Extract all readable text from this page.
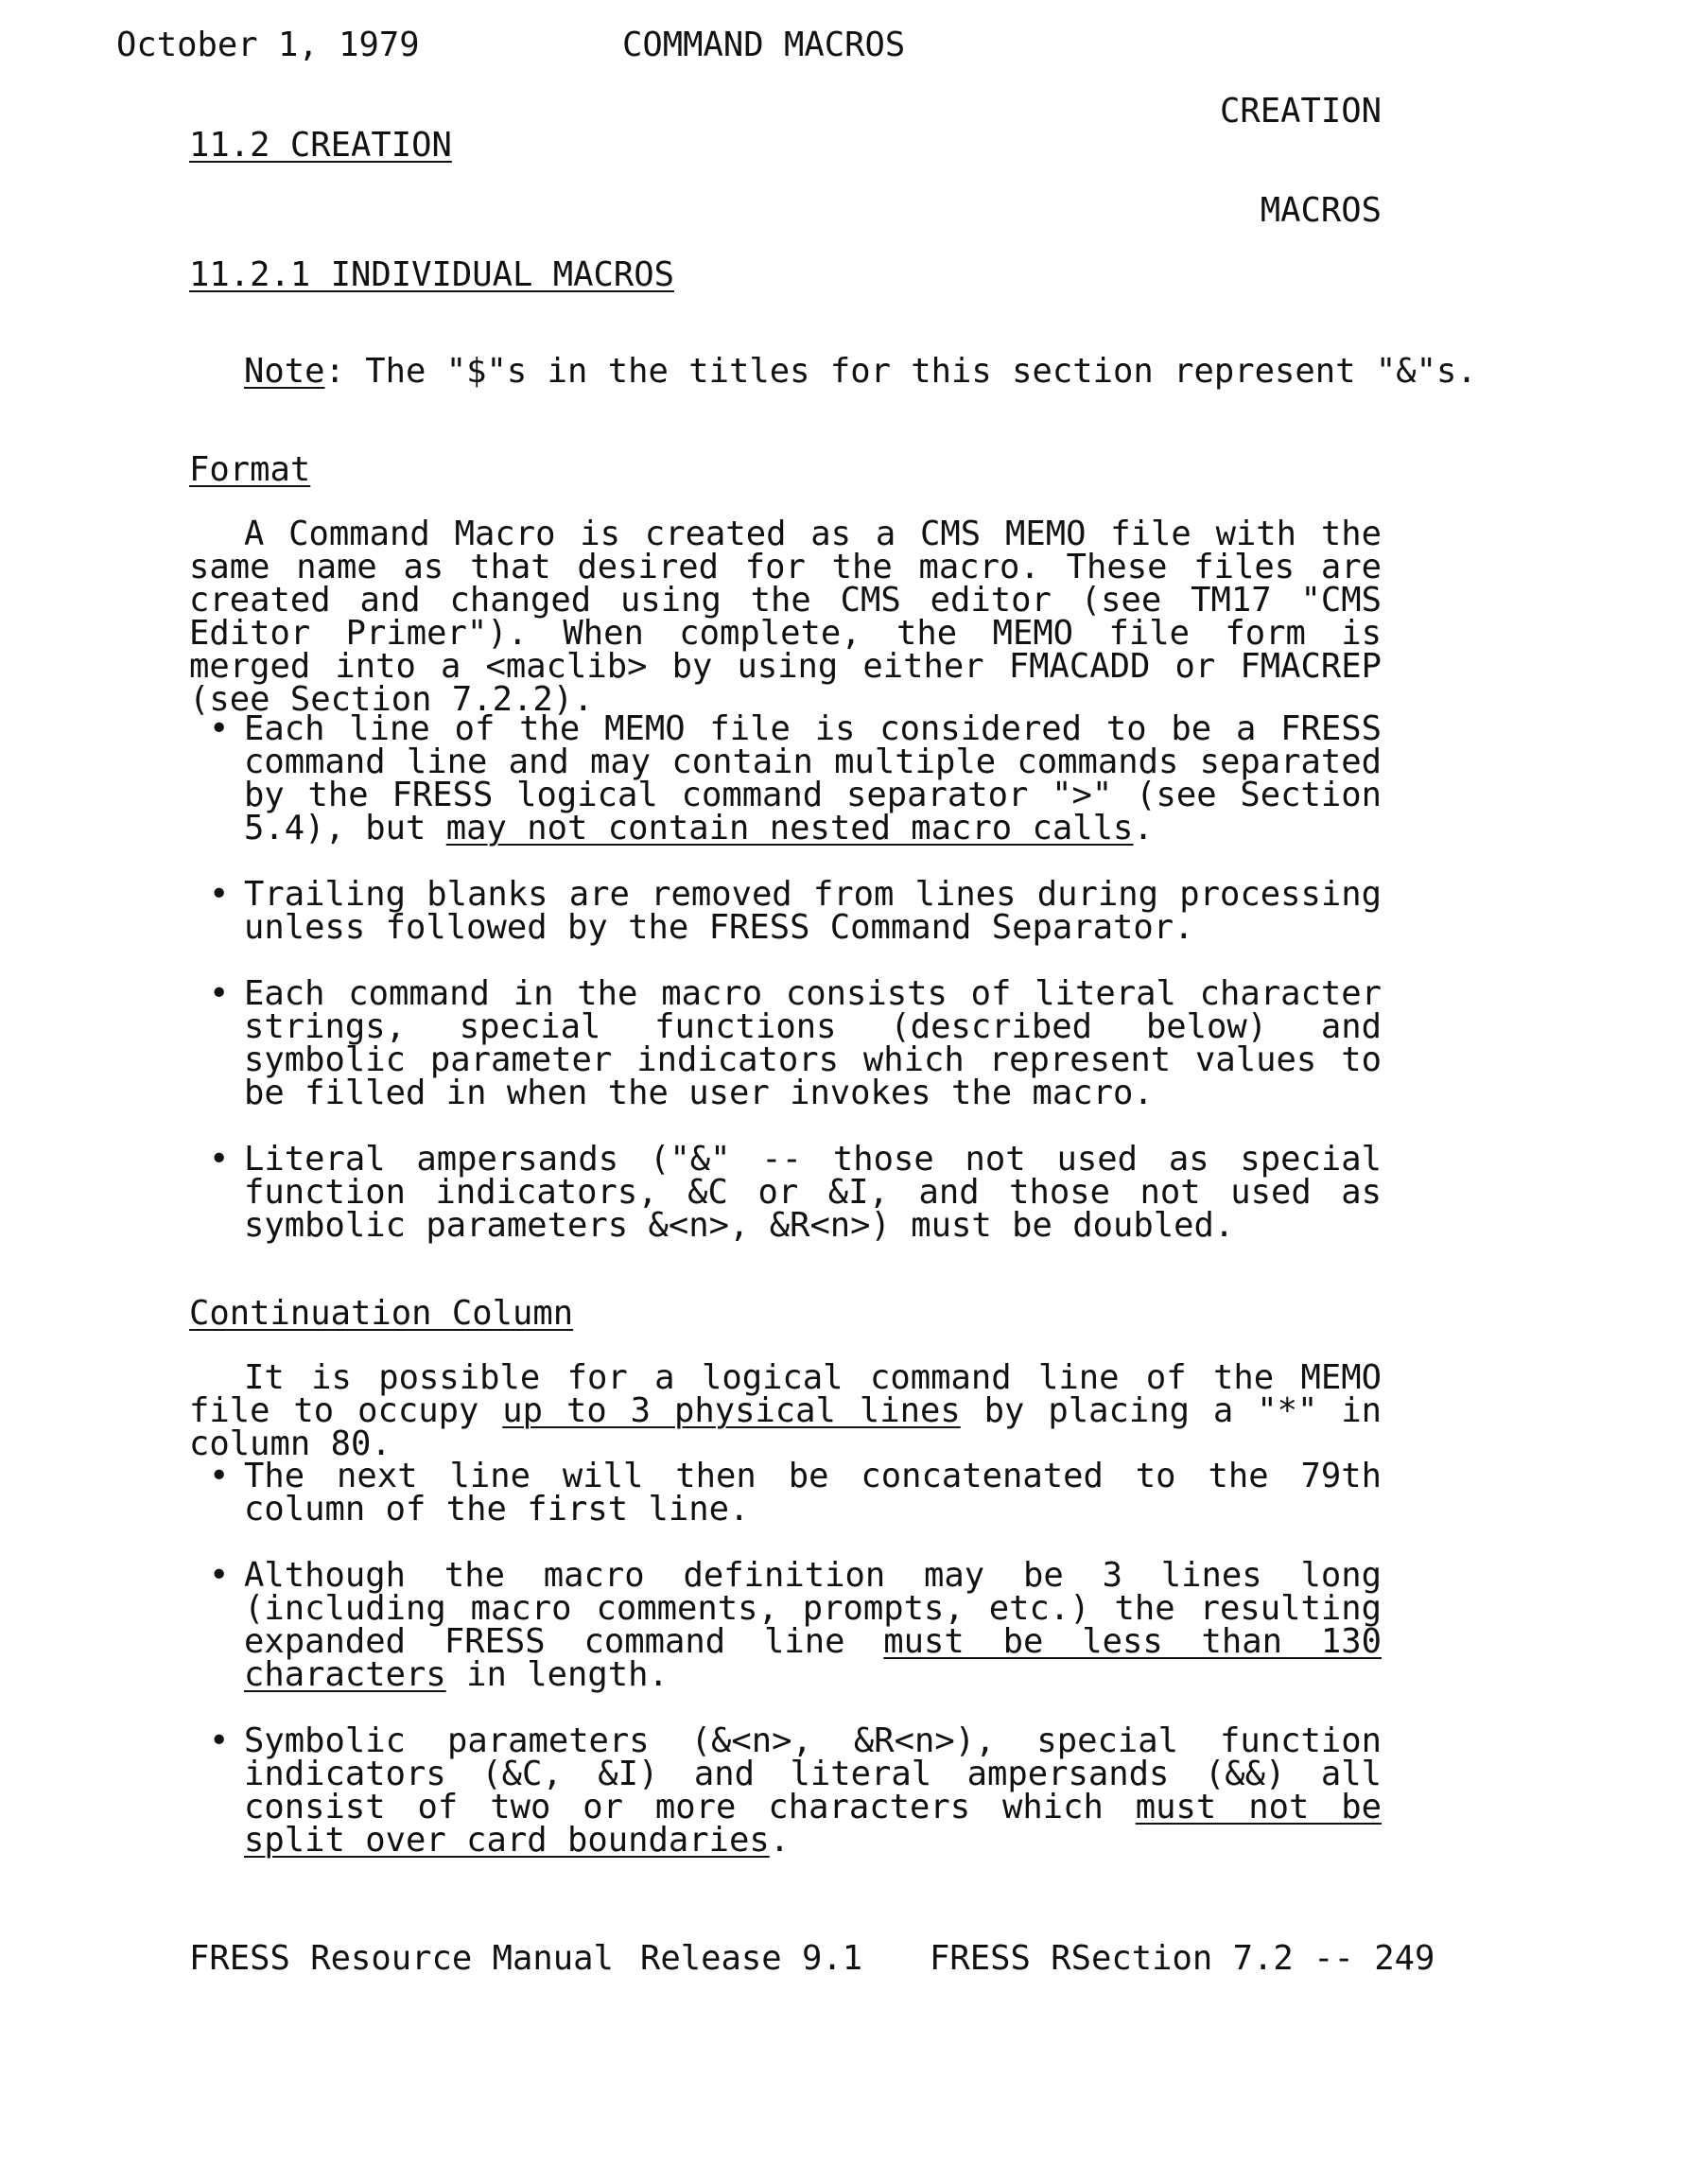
October 1, 1979	COMMAND MACROS

CREATION

MACROS

11.2 CREATION
11.2.1 INDIVIDUAL MACROS
Note: The "$"s in the titles for this section represent "&"s.
Format
A Command Macro is created as a CMS MEMO file with the same name as that desired for the macro. These files are created and changed using the CMS editor (see TM17 "CMS Editor Primer"). When complete, the MEMO file form is merged into a <maclib> by using either FMACADD or FMACREP (see Section 7.2.2).
• Each line of the MEMO file is considered to be a FRESS command line and may contain multiple commands separated by the FRESS logical command separator ">" (see Section 5.4), but may not contain nested macro calls.
• Trailing blanks are removed from lines during processing unless followed by the FRESS Command Separator.
• Each command in the macro consists of literal character strings, special functions (described below) and symbolic parameter indicators which represent values to be filled in when the user invokes the macro.
• Literal ampersands ("&" -- those not used as special function indicators, &C or &I, and those not used as symbolic parameters &<n>, &R<n>) must be doubled.
Continuation Column
It is possible for a logical command line of the MEMO file to occupy up to 3 physical lines by placing a "*" in column 80.
• The next line will then be concatenated to the 79th column of the first line.
• Although the macro definition may be 3 lines long (including macro comments, prompts, etc.) the resulting expanded FRESS command line must be less than 130 characters in length.
• Symbolic parameters (&<n>, &R<n>), special function indicators (&C, &I) and literal ampersands (&&) all consist of two or more characters which must not be split over card boundaries.
FRESS Resource Manual Release 9.1 FRESS RSection 7.2 -- 249
